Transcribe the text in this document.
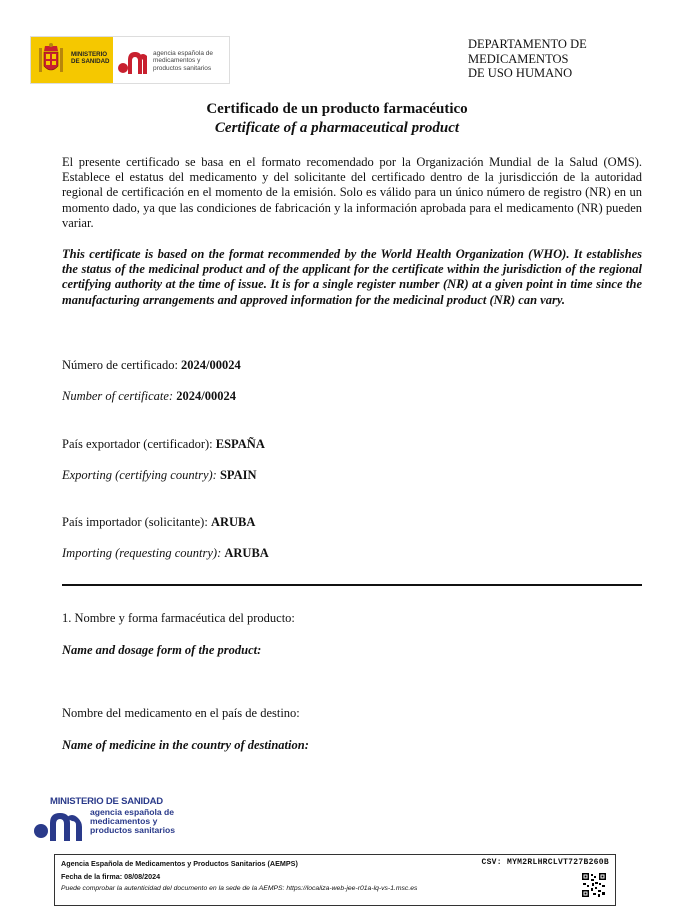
MINISTERIO
DE SANIDAD
agencia española de
medicamentos y
productos sanitarios
DEPARTAMENTO DE
MEDICAMENTOS
DE USO HUMANO
Certificado de un producto farmacéutico
Certificate of a pharmaceutical product
El presente certificado se basa en el formato recomendado por la Organización Mundial de la Salud (OMS). Establece el estatus del medicamento y del solicitante del certificado dentro de la jurisdicción de la autoridad regional de certificación en el momento de la emisión. Solo es válido para un único número de registro (NR) en un momento dado, ya que las condiciones de fabricación y la información aprobada para el medicamento (NR) pueden variar.
This certificate is based on the format recommended by the World Health Organization (WHO). It establishes the status of the medicinal product and of the applicant for the certificate within the jurisdiction of the regional certifying authority at the time of issue. It is for a single register number (NR) at a given point in time since the manufacturing arrangements and approved information for the medicinal product (NR) can vary.
Número de certificado: 2024/00024
Number of certificate: 2024/00024
País exportador (certificador): ESPAÑA
Exporting (certifying country): SPAIN
País importador (solicitante): ARUBA
Importing (requesting country): ARUBA
1. Nombre y forma farmacéutica del producto:
Name and dosage form of the product:
Nombre del medicamento en el país de destino:
Name of medicine in the country of destination:
MINISTERIO DE SANIDAD
agencia española de
medicamentos y
productos sanitarios
Agencia Española de Medicamentos y Productos Sanitarios (AEMPS)
Fecha de la firma: 08/08/2024
Puede comprobar la autenticidad del documento en la sede de la AEMPS: https://localiza-web-jee-r01a-lq-vs-1.msc.es
CSV: MYM2RLHRCLVT727B260B
